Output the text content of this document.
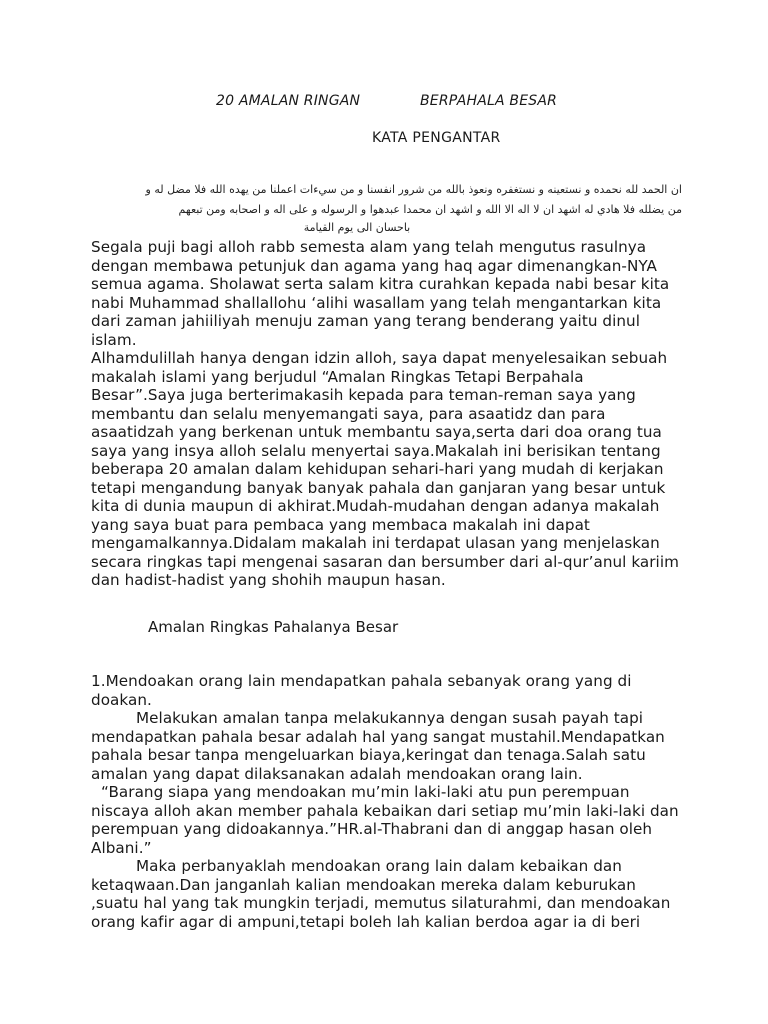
20 AMALAN RINGAN	BERPAHALA BESAR
KATA PENGANTAR
ان الحمد لله نحمده و نستعينه و نستغفره ونعوذ بالله من شرور انفسنا و من سيءات اعملنا من يهده الله فلا مضل له و
من يضلله فلا هادي له اشهد ان لا اله الا الله و اشهد ان محمدا عبدهوا و الرسوله و على اله و اصحابه ومن تبعهم
باحسان الى يوم القيامة

Segala puji bagi alloh rabb semesta alam yang telah mengutus rasulnya dengan membawa petunjuk dan agama yang haq agar dimenangkan-NYA semua agama. Sholawat serta salam kitra curahkan kepada nabi besar kita nabi Muhammad shallallohu ‘alihi wasallam yang telah mengantarkan kita dari zaman jahiiliyah menuju zaman yang terang benderang yaitu dinul islam.

Alhamdulillah hanya dengan idzin alloh, saya dapat menyelesaikan sebuah makalah islami yang berjudul “Amalan Ringkas Tetapi Berpahala Besar”.Saya juga berterimakasih kepada para teman-reman saya yang membantu dan selalu menyemangati saya, para asaatidz dan para asaatidzah yang berkenan untuk membantu saya,serta dari doa orang tua saya yang insya alloh selalu menyertai saya.Makalah ini berisikan tentang beberapa 20 amalan dalam kehidupan sehari-hari yang mudah di kerjakan tetapi mengandung banyak banyak pahala dan ganjaran yang besar untuk kita di dunia maupun di akhirat.Mudah-mudahan dengan adanya makalah yang saya buat para pembaca yang membaca makalah ini dapat mengamalkannya.Didalam makalah ini terdapat ulasan yang menjelaskan secara ringkas tapi mengenai sasaran dan bersumber dari al-qur’anul kariim dan hadist-hadist yang shohih maupun hasan.

Amalan Ringkas Pahalanya Besar

1.Mendoakan orang lain mendapatkan pahala sebanyak orang yang di doakan.

Melakukan amalan tanpa melakukannya dengan susah payah tapi mendapatkan pahala besar adalah hal yang sangat mustahil.Mendapatkan pahala besar tanpa mengeluarkan biaya,keringat dan tenaga.Salah satu amalan yang dapat dilaksanakan adalah mendoakan orang lain.

“Barang siapa yang mendoakan mu’min laki-laki atu pun perempuan niscaya alloh akan member pahala kebaikan dari setiap mu’min laki-laki dan perempuan yang didoakannya.”HR.al-Thabrani dan di anggap hasan oleh Albani.”

Maka perbanyaklah mendoakan orang lain dalam kebaikan dan ketaqwaan.Dan janganlah kalian mendoakan mereka dalam keburukan ,suatu hal yang tak mungkin terjadi, memutus silaturahmi, dan mendoakan orang kafir agar di ampuni,tetapi boleh lah kalian berdoa agar ia di beri
